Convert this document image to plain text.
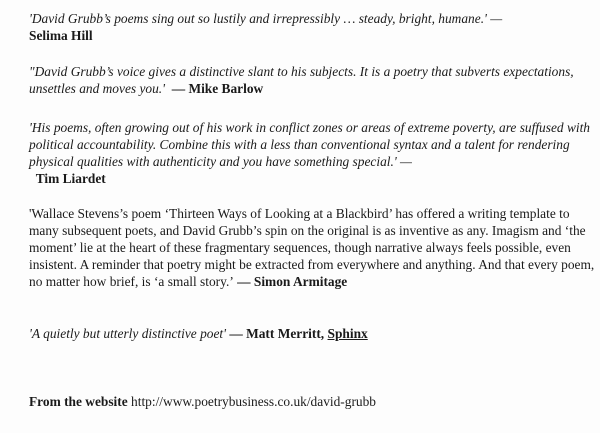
'David Grubb’s poems sing out so lustily and irrepressibly … steady, bright, humane.' —
Selima Hill

"David Grubb’s voice gives a distinctive slant to his subjects. It is a poetry that subverts expectations, unsettles and moves you.' — Mike Barlow

'His poems, often growing out of his work in conflict zones or areas of extreme poverty, are suffused with political accountability. Combine this with a less than conventional syntax and a talent for rendering physical qualities with authenticity and you have something special.' —
Tim Liardet

'Wallace Stevens’s poem ‘Thirteen Ways of Looking at a Blackbird’ has offered a writing template to many subsequent poets, and David Grubb’s spin on the original is as inventive as any. Imagism and ‘the moment’ lie at the heart of these fragmentary sequences, though narrative always feels possible, even insistent. A reminder that poetry might be extracted from everywhere and anything. And that every poem, no matter how brief, is ‘a small story.’ — Simon Armitage

'A quietly but utterly distinctive poet' — Matt Merritt, Sphinx

From the website http://www.poetrybusiness.co.uk/david-grubb
